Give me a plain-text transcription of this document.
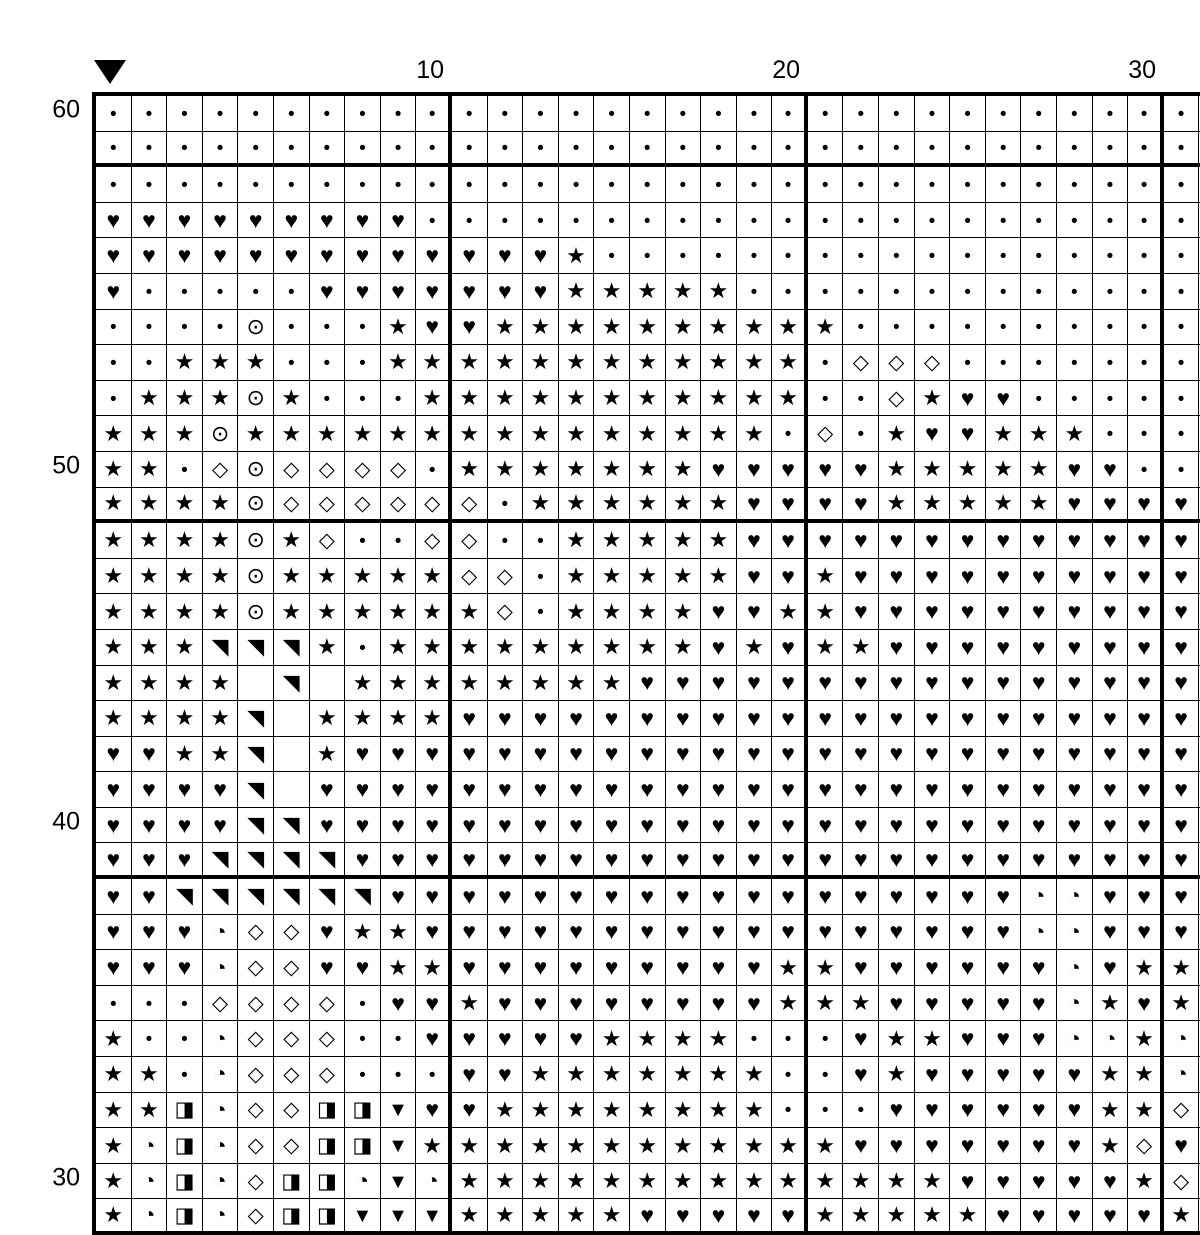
10	20	30
60
50
40
30
•
•
•
•
•
•
•
•
•
•
•
•
•
•
•
•
•
•
•
•
•
•
•
•
•
•
•
•
•
•
•
•
•
•
•
•
•
•
•
•
•
•
•
•
•
•
•
•
•
•
•
•
•
•
•
•
•
•
•
•
•
•
•
•
•
•
•
•
•
•
•
•
•
•
•
•
•
•
•
•
•
•
•
•
•
•
•
•
•
•
•
•
•
♥
♥
♥
♥
♥
♥
♥
♥
♥
•
•
•
•
•
•
•
•
•
•
•
•
•
•
•
•
•
•
•
•
•
•
♥
♥
♥
♥
♥
♥
♥
♥
♥
♥
♥
♥
♥
★
•
•
•
•
•
•
•
•
•
•
•
•
•
•
•
•
•
♥
•
•
•
•
•
♥
♥
♥
♥
♥
♥
♥
★
★
★
★
★
•
•
•
•
•
•
•
•
•
•
•
•
•
•
•
•
•
⊙
•
•
•
★
♥
♥
★
★
★
★
★
★
★
★
★
★
•
•
•
•
•
•
•
•
•
•
•
•
★
★
★
•
•
•
★
★
★
★
★
★
★
★
★
★
★
★
•
◇
◇
◇
•
•
•
•
•
•
•
•
★
★
★
⊙
★
•
•
•
★
★
★
★
★
★
★
★
★
★
★
•
•
◇
★
♥
♥
•
•
•
•
•
★
★
★
⊙
★
★
★
★
★
★
★
★
★
★
★
★
★
★
★
•
◇
•
★
♥
♥
★
★
★
•
•
•
★
★
•
◇
⊙
◇
◇
◇
◇
•
★
★
★
★
★
★
★
♥
♥
♥
♥
♥
★
★
★
★
★
♥
♥
•
•
★
★
★
★
⊙
◇
◇
◇
◇
◇
◇
•
★
★
★
★
★
★
♥
♥
♥
♥
★
★
★
★
★
♥
♥
♥
♥
★
★
★
★
⊙
★
◇
•
•
◇
◇
•
•
★
★
★
★
★
♥
♥
♥
♥
♥
♥
♥
♥
♥
♥
♥
♥
♥
★
★
★
★
⊙
★
★
★
★
★
◇
◇
•
★
★
★
★
★
♥
♥
★
♥
♥
♥
♥
♥
♥
♥
♥
♥
♥
★
★
★
★
⊙
★
★
★
★
★
★
◇
•
★
★
★
★
♥
♥
★
★
♥
♥
♥
♥
♥
♥
♥
♥
♥
♥
★
★
★
◥
◥
◥
★
•
★
★
★
★
★
★
★
★
★
♥
★
♥
★
★
♥
♥
♥
♥
♥
♥
♥
♥
♥
★
★
★
★
◥
★
★
★
★
★
★
★
★
♥
♥
♥
♥
♥
♥
♥
♥
♥
♥
♥
♥
♥
♥
♥
♥
★
★
★
★
◥
★
★
★
★
♥
♥
♥
♥
♥
♥
♥
♥
♥
♥
♥
♥
♥
♥
♥
♥
♥
♥
♥
♥
♥
♥
♥
★
★
◥
★
♥
♥
♥
♥
♥
♥
♥
♥
♥
♥
♥
♥
♥
♥
♥
♥
♥
♥
♥
♥
♥
♥
♥
♥
♥
♥
♥
♥
◥
♥
♥
♥
♥
♥
♥
♥
♥
♥
♥
♥
♥
♥
♥
♥
♥
♥
♥
♥
♥
♥
♥
♥
♥
♥
♥
♥
♥
♥
◥
◥
♥
♥
♥
♥
♥
♥
♥
♥
♥
♥
♥
♥
♥
♥
♥
♥
♥
♥
♥
♥
♥
♥
♥
♥
♥
♥
♥
♥
◥
◥
◥
◥
♥
♥
♥
♥
♥
♥
♥
♥
♥
♥
♥
♥
♥
♥
♥
♥
♥
♥
♥
♥
♥
♥
♥
♥
♥
♥
◥
◥
◥
◥
◥
◥
♥
♥
♥
♥
♥
♥
♥
♥
♥
♥
♥
♥
♥
♥
♥
♥
♥
♥
◔
◔
♥
♥
♥
♥
♥
♥
◔
◇
◇
♥
★
★
♥
♥
♥
♥
♥
♥
♥
♥
♥
♥
♥
♥
♥
♥
♥
♥
♥
◔
◔
♥
♥
♥
♥
♥
♥
◔
◇
◇
♥
♥
★
★
♥
♥
♥
♥
♥
♥
♥
♥
♥
★
★
♥
♥
♥
♥
♥
♥
◔
♥
★
★
•
•
•
◇
◇
◇
◇
•
♥
♥
★
♥
♥
♥
♥
♥
♥
♥
♥
★
★
★
♥
♥
♥
♥
♥
◔
★
♥
★
★
•
•
◔
◇
◇
◇
•
•
♥
♥
♥
♥
♥
★
★
★
★
•
•
•
♥
★
★
♥
♥
♥
◔
◔
★
◔
★
★
•
◔
◇
◇
◇
•
•
•
♥
♥
★
★
★
★
★
★
★
•
•
♥
★
♥
♥
♥
♥
♥
★
★
◔
★
★
◨
◔
◇
◇
◨
◨
▼
♥
♥
★
★
★
★
★
★
★
★
•
•
•
♥
♥
♥
♥
♥
♥
★
★
◇
★
◔
◨
◔
◇
◇
◨
◨
▼
★
★
★
★
★
★
★
★
★
★
★
★
♥
♥
♥
♥
♥
♥
♥
★
◇
♥
★
◔
◨
◔
◇
◨
◨
◔
▼
◔
★
★
★
★
★
★
★
★
★
★
★
★
★
★
♥
♥
♥
♥
♥
★
◇
★
◔
◨
◔
◇
◨
◨
▼
▼
▼
★
★
★
★
★
♥
♥
♥
♥
♥
★
★
★
★
★
♥
♥
♥
♥
♥
★
